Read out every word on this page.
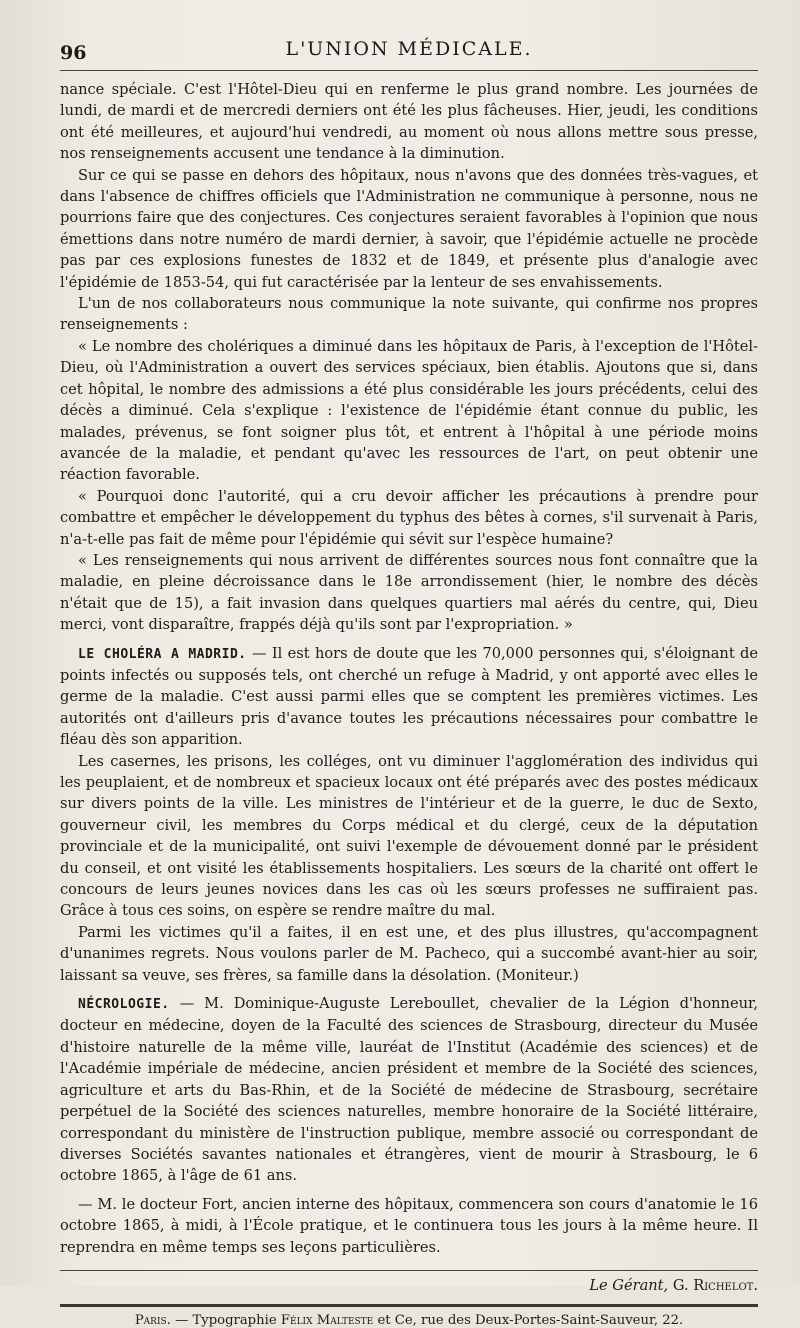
96	L'UNION MÉDICALE.

nance spéciale. C'est l'Hôtel-Dieu qui en renferme le plus grand nombre. Les journées de lundi, de mardi et de mercredi derniers ont été les plus fâcheuses. Hier, jeudi, les conditions ont été meilleures, et aujourd'hui vendredi, au moment où nous allons mettre sous presse, nos renseignements accusent une tendance à la diminution.

Sur ce qui se passe en dehors des hôpitaux, nous n'avons que des données très-vagues, et dans l'absence de chiffres officiels que l'Administration ne communique à personne, nous ne pourrions faire que des conjectures. Ces conjectures seraient favorables à l'opinion que nous émettions dans notre numéro de mardi dernier, à savoir, que l'épidémie actuelle ne procède pas par ces explosions funestes de 1832 et de 1849, et présente plus d'analogie avec l'épidémie de 1853-54, qui fut caractérisée par la lenteur de ses envahissements.

L'un de nos collaborateurs nous communique la note suivante, qui confirme nos propres renseignements :

« Le nombre des cholériques a diminué dans les hôpitaux de Paris, à l'exception de l'Hôtel-Dieu, où l'Administration a ouvert des services spéciaux, bien établis. Ajoutons que si, dans cet hôpital, le nombre des admissions a été plus considérable les jours précédents, celui des décès a diminué. Cela s'explique : l'existence de l'épidémie étant connue du public, les malades, prévenus, se font soigner plus tôt, et entrent à l'hôpital à une période moins avancée de la maladie, et pendant qu'avec les ressources de l'art, on peut obtenir une réaction favorable.

« Pourquoi donc l'autorité, qui a cru devoir afficher les précautions à prendre pour combattre et empêcher le développement du typhus des bêtes à cornes, s'il survenait à Paris, n'a-t-elle pas fait de même pour l'épidémie qui sévit sur l'espèce humaine?

« Les renseignements qui nous arrivent de différentes sources nous font connaître que la maladie, en pleine décroissance dans le 18e arrondissement (hier, le nombre des décès n'était que de 15), a fait invasion dans quelques quartiers mal aérés du centre, qui, Dieu merci, vont disparaître, frappés déjà qu'ils sont par l'expropriation. »

LE CHOLÉRA A MADRID. — Il est hors de doute que les 70,000 personnes qui, s'éloignant de points infectés ou supposés tels, ont cherché un refuge à Madrid, y ont apporté avec elles le germe de la maladie. C'est aussi parmi elles que se comptent les premières victimes. Les autorités ont d'ailleurs pris d'avance toutes les précautions nécessaires pour combattre le fléau dès son apparition.

Les casernes, les prisons, les colléges, ont vu diminuer l'agglomération des individus qui les peuplaient, et de nombreux et spacieux locaux ont été préparés avec des postes médicaux sur divers points de la ville. Les ministres de l'intérieur et de la guerre, le duc de Sexto, gouverneur civil, les membres du Corps médical et du clergé, ceux de la députation provinciale et de la municipalité, ont suivi l'exemple de dévouement donné par le président du conseil, et ont visité les établissements hospitaliers. Les sœurs de la charité ont offert le concours de leurs jeunes novices dans les cas où les sœurs professes ne suffiraient pas. Grâce à tous ces soins, on espère se rendre maître du mal.

Parmi les victimes qu'il a faites, il en est une, et des plus illustres, qu'accompagnent d'unanimes regrets. Nous voulons parler de M. Pacheco, qui a succombé avant-hier au soir, laissant sa veuve, ses frères, sa famille dans la désolation. (Moniteur.)

NÉCROLOGIE. — M. Dominique-Auguste Lereboullet, chevalier de la Légion d'honneur, docteur en médecine, doyen de la Faculté des sciences de Strasbourg, directeur du Musée d'histoire naturelle de la même ville, lauréat de l'Institut (Académie des sciences) et de l'Académie impériale de médecine, ancien président et membre de la Société des sciences, agriculture et arts du Bas-Rhin, et de la Société de médecine de Strasbourg, secrétaire perpétuel de la Société des sciences naturelles, membre honoraire de la Société littéraire, correspondant du ministère de l'instruction publique, membre associé ou correspondant de diverses Sociétés savantes nationales et étrangères, vient de mourir à Strasbourg, le 6 octobre 1865, à l'âge de 61 ans.

— M. le docteur Fort, ancien interne des hôpitaux, commencera son cours d'anatomie le 16 octobre 1865, à midi, à l'École pratique, et le continuera tous les jours à la même heure. Il reprendra en même temps ses leçons particulières.

Le Gérant, G. Richelot.
Paris. — Typographie Félix Malteste et Ce, rue des Deux-Portes-Saint-Sauveur, 22.
